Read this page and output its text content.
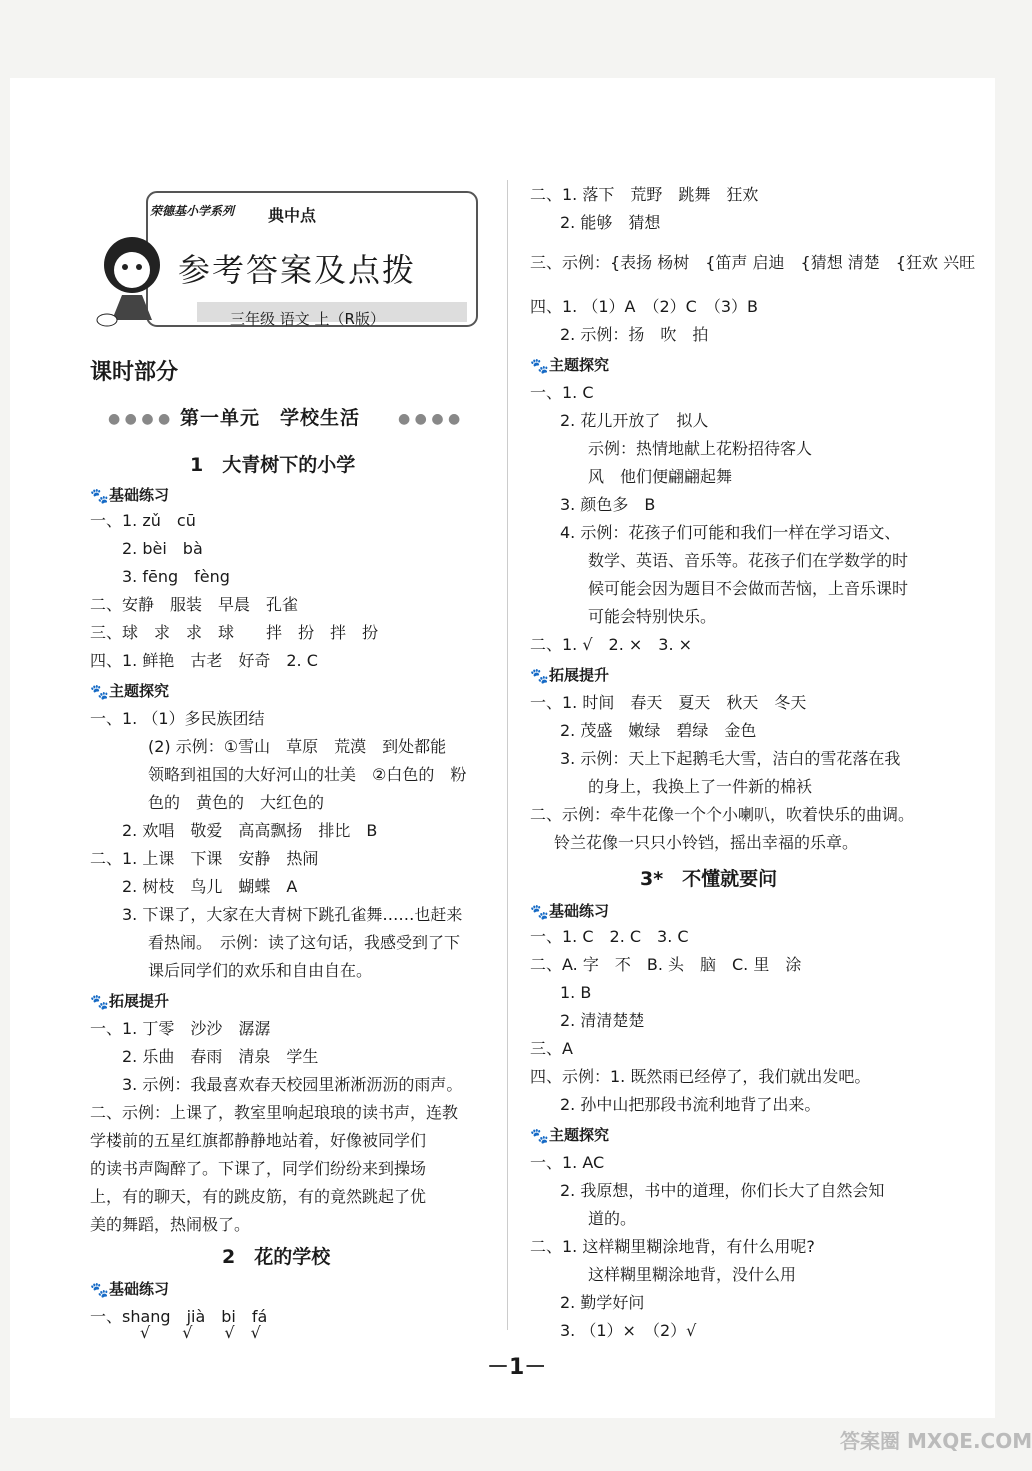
荣德基小学系列 典中点
参考答案及点拨
三年级 语文 上（R版）
课时部分
第一单元　学校生活
● ● ● ●	● ● ● ●
1　大青树下的小学
🐾基础练习
一、1. zǔ　cū
2. bèi　bà
3. fēng　fèng
二、安静　服装　早晨　孔雀
三、球　求　求　球　　拌　扮　拌　扮
四、1. 鲜艳　古老　好奇　2. C
🐾主题探究
一、1. （1）多民族团结
(2) 示例：①雪山　草原　荒漠　到处都能
领略到祖国的大好河山的壮美　②白色的　粉
色的　黄色的　大红色的
2. 欢唱　敬爱　高高飘扬　排比　B
二、1. 上课　下课　安静　热闹
2. 树枝　鸟儿　蝴蝶　A
3. 下课了，大家在大青树下跳孔雀舞……也赶来
看热闹。　示例：读了这句话，我感受到了下
课后同学们的欢乐和自由自在。
🐾拓展提升
一、1. 丁零　沙沙　潺潺
2. 乐曲　春雨　清泉　学生
3. 示例：我最喜欢春天校园里淅淅沥沥的雨声。
二、示例：上课了，教室里响起琅琅的读书声，连教
学楼前的五星红旗都静静地站着，好像被同学们
的读书声陶醉了。下课了，同学们纷纷来到操场
上，有的聊天，有的跳皮筋，有的竟然跳起了优
美的舞蹈，热闹极了。
2　花的学校
🐾基础练习
一、shang　jià　bi　fá
√　　√　　√　√
二、1. 落下　荒野　跳舞　狂欢
2. 能够　猜想
三、示例：{表扬 杨树　{笛声 启迪　{猜想 清楚　{狂欢 兴旺
四、1. （1）A　（2）C　（3）B
2. 示例：扬　吹　拍
🐾主题探究
一、1. C
2. 花儿开放了　拟人
示例：热情地献上花粉招待客人
风　他们便翩翩起舞
3. 颜色多　B
4. 示例：花孩子们可能和我们一样在学习语文、
数学、英语、音乐等。花孩子们在学数学的时
候可能会因为题目不会做而苦恼，上音乐课时
可能会特别快乐。
二、1. √　2. ×　3. ×
🐾拓展提升
一、1. 时间　春天　夏天　秋天　冬天
2. 茂盛　嫩绿　碧绿　金色
3. 示例：天上下起鹅毛大雪，洁白的雪花落在我
的身上，我换上了一件新的棉袄
二、示例：牵牛花像一个个小喇叭，吹着快乐的曲调。
铃兰花像一只只小铃铛，摇出幸福的乐章。
3*　不懂就要问
🐾基础练习
一、1. C　2. C　3. C
二、A. 字　不　B. 头　脑　C. 里　涂
1. B
2. 清清楚楚
三、A
四、示例：1. 既然雨已经停了，我们就出发吧。
2. 孙中山把那段书流利地背了出来。
🐾主题探究
一、1. AC
2. 我原想，书中的道理，你们长大了自然会知
道的。
二、1. 这样糊里糊涂地背，有什么用呢?
这样糊里糊涂地背，没什么用
2. 勤学好问
3. （1）×　（2）√
－1－
答案圈 MXQE.COM
